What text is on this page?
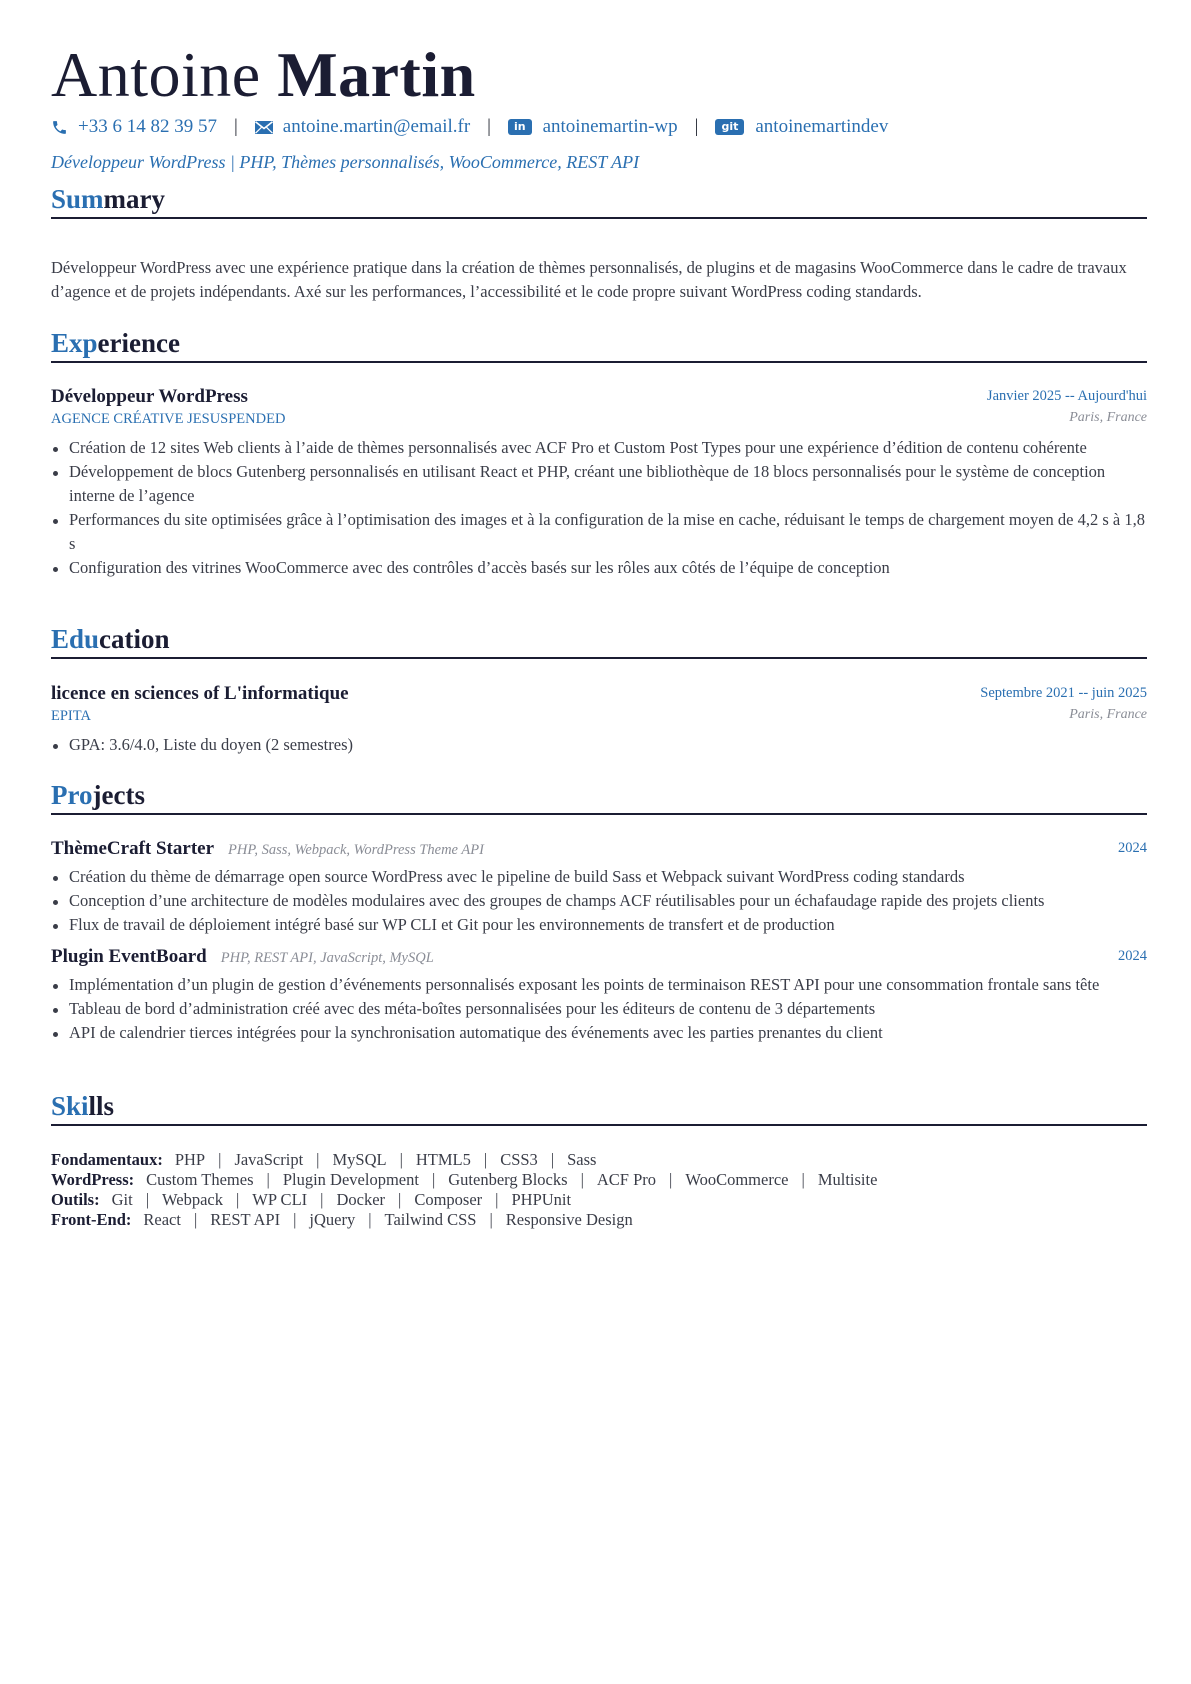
Antoine Martin
+33 6 14 82 39 57 | antoine.martin@email.fr |	in antoinemartin-wp |	git antoinemartindev
Développeur WordPress | PHP, Thèmes personnalisés, WooCommerce, REST API
Summary

Développeur WordPress avec une expérience pratique dans la création de thèmes personnalisés, de plugins et de magasins WooCommerce dans le cadre de travaux d’agence et de projets indépendants. Axé sur les performances, l’accessibilité et le code propre suivant WordPress coding standards.

Experience
Développeur WordPress	Janvier 2025 -- Aujourd'hui
AGENCE CRÉATIVE JESUSPENDED	Paris, France
Création de 12 sites Web clients à l’aide de thèmes personnalisés avec ACF Pro et Custom Post Types pour une expérience d’édition de contenu cohérente
Développement de blocs Gutenberg personnalisés en utilisant React et PHP, créant une bibliothèque de 18 blocs personnalisés pour le système de conception interne de l’agence
Performances du site optimisées grâce à l’optimisation des images et à la configuration de la mise en cache, réduisant le temps de chargement moyen de 4,2 s à 1,8 s
Configuration des vitrines WooCommerce avec des contrôles d’accès basés sur les rôles aux côtés de l’équipe de conception
Education
licence en sciences of L'informatique	Septembre 2021 -- juin 2025
EPITA	Paris, France
GPA: 3.6/4.0, Liste du doyen (2 semestres)
Projects
ThèmeCraft Starter PHP, Sass, Webpack, WordPress Theme API	2024
Création du thème de démarrage open source WordPress avec le pipeline de build Sass et Webpack suivant WordPress coding standards
Conception d’une architecture de modèles modulaires avec des groupes de champs ACF réutilisables pour un échafaudage rapide des projets clients
Flux de travail de déploiement intégré basé sur WP CLI et Git pour les environnements de transfert et de production
Plugin EventBoard PHP, REST API, JavaScript, MySQL	2024
Implémentation d’un plugin de gestion d’événements personnalisés exposant les points de terminaison REST API pour une consommation frontale sans tête
Tableau de bord d’administration créé avec des méta-boîtes personnalisées pour les éditeurs de contenu de 3 départements
API de calendrier tierces intégrées pour la synchronisation automatique des événements avec les parties prenantes du client
Skills
Fondamentaux: PHP | JavaScript | MySQL | HTML5 | CSS3 | Sass
WordPress: Custom Themes | Plugin Development | Gutenberg Blocks | ACF Pro | WooCommerce | Multisite
Outils: Git | Webpack | WP CLI | Docker | Composer | PHPUnit
Front-End: React | REST API | jQuery | Tailwind CSS | Responsive Design
